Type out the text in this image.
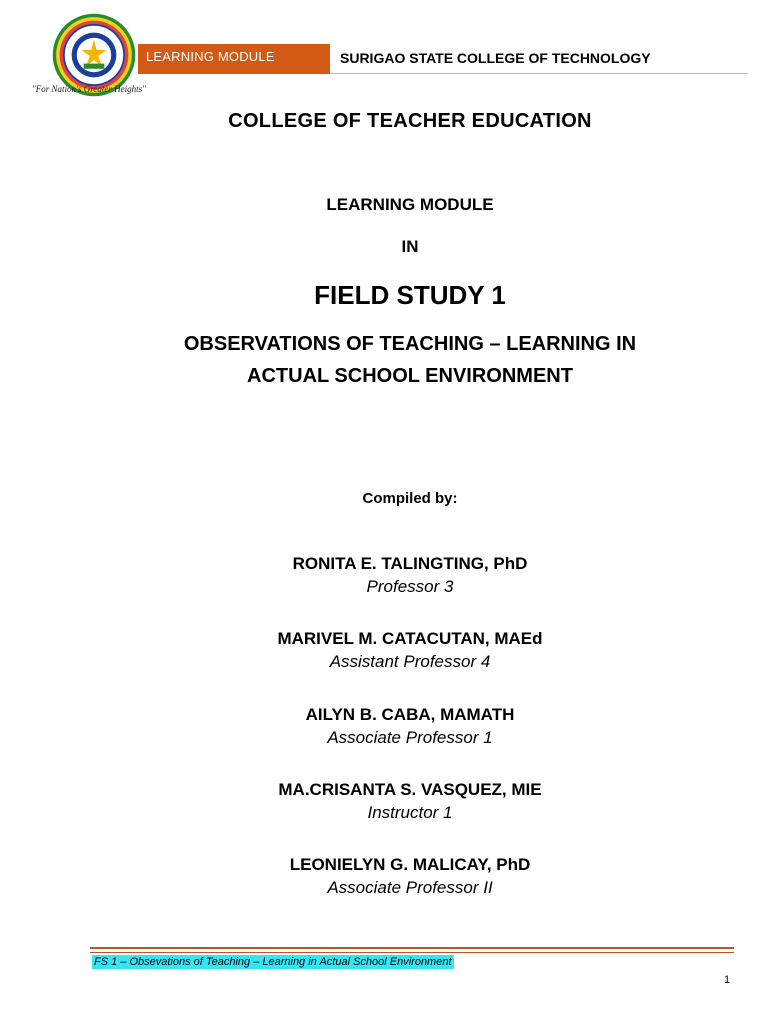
"For Nation's Greater Heights"
LEARNING MODULE	SURIGAO STATE COLLEGE OF TECHNOLOGY
COLLEGE OF TEACHER EDUCATION
LEARNING MODULE
IN
FIELD STUDY 1
OBSERVATIONS OF TEACHING – LEARNING IN
ACTUAL SCHOOL ENVIRONMENT
Compiled by:
RONITA E. TALINGTING, PhD
Professor 3
MARIVEL M. CATACUTAN, MAEd
Assistant Professor 4
AILYN B. CABA, MAMATH
Associate Professor 1
MA.CRISANTA S. VASQUEZ, MIE
Instructor 1
LEONIELYN G. MALICAY, PhD
Associate Professor II
FS 1 – Obsevations of Teaching – Learning in Actual School Environment
1
